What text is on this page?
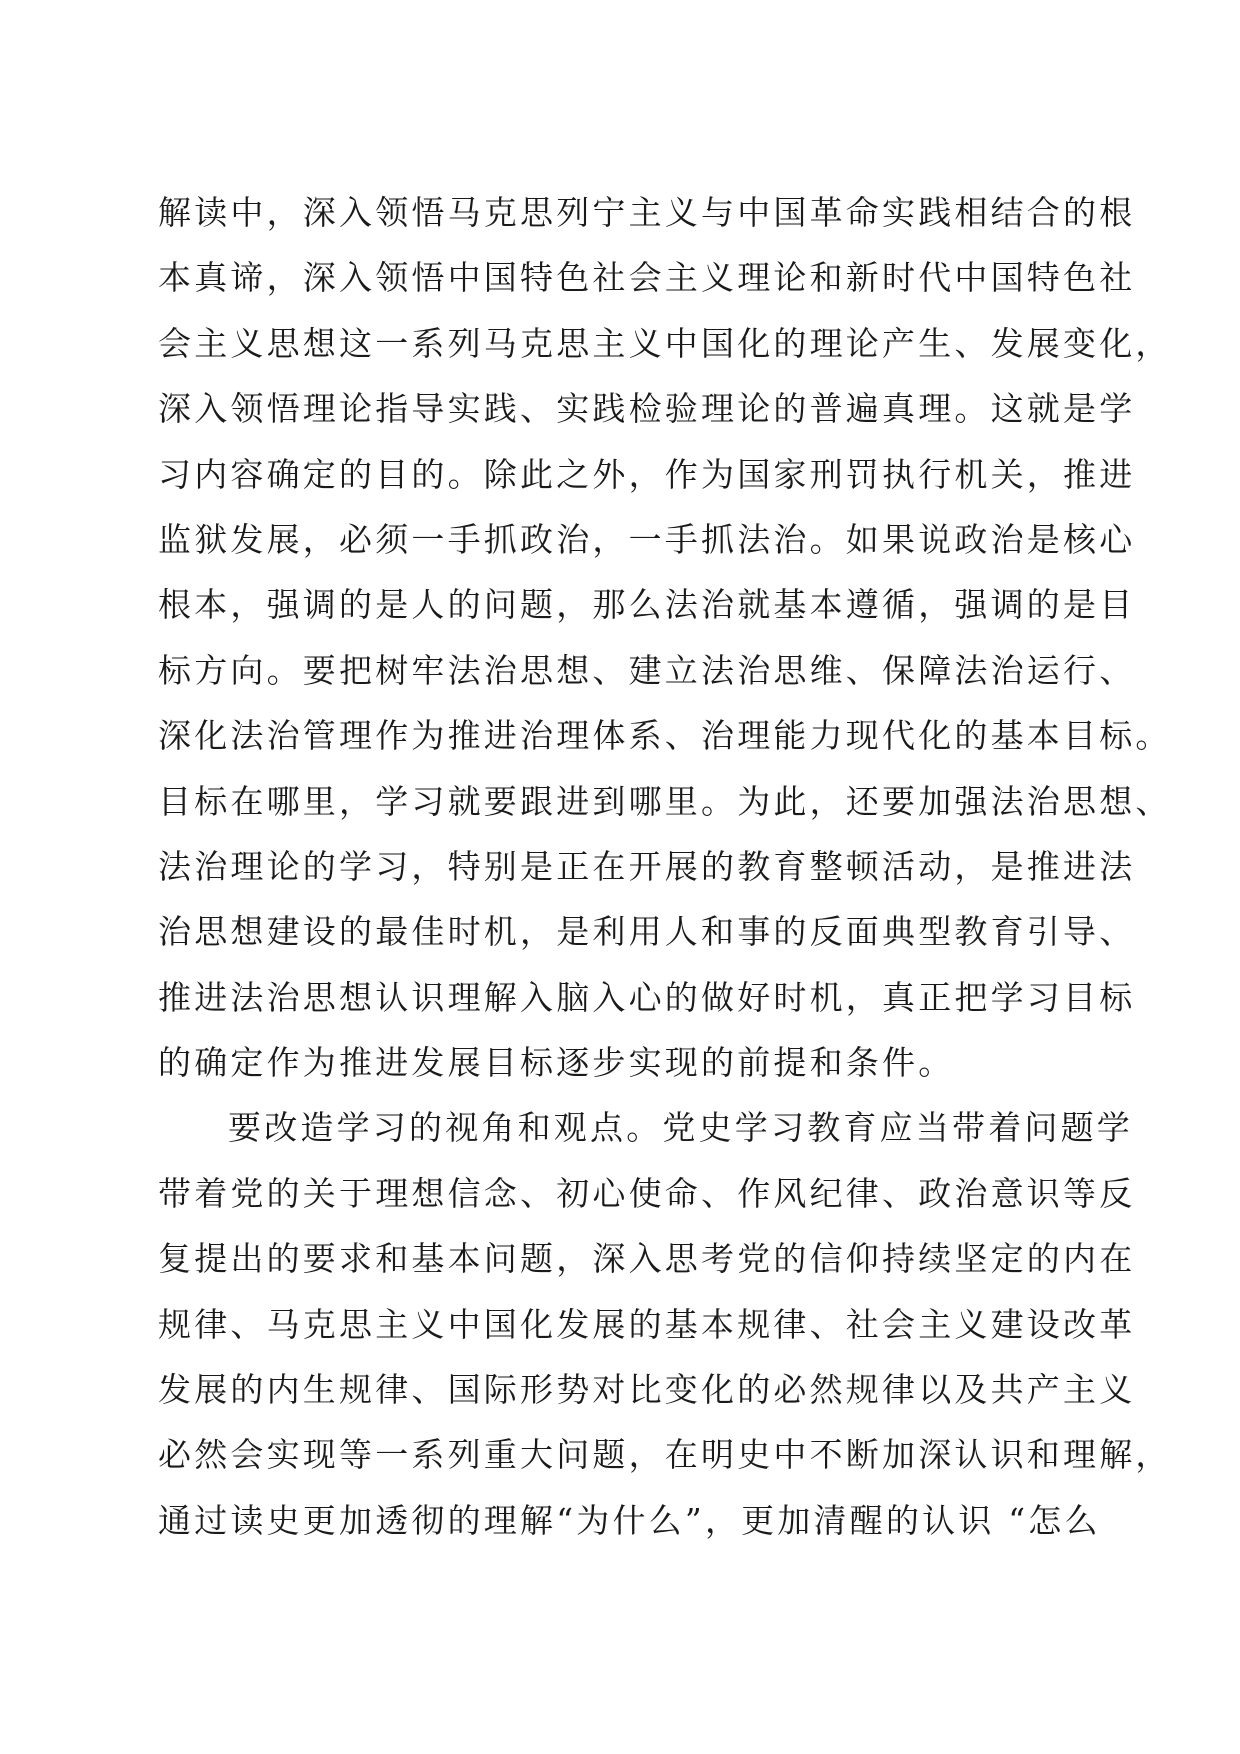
解读中，深入领悟马克思列宁主义与中国革命实践相结合的根
本真谛，深入领悟中国特色社会主义理论和新时代中国特色社
会主义思想这一系列马克思主义中国化的理论产生、发展变化，
深入领悟理论指导实践、实践检验理论的普遍真理。这就是学
习内容确定的目的。除此之外，作为国家刑罚执行机关，推进
监狱发展，必须一手抓政治，一手抓法治。如果说政治是核心
根本，强调的是人的问题，那么法治就基本遵循，强调的是目
标方向。要把树牢法治思想、建立法治思维、保障法治运行、
深化法治管理作为推进治理体系、治理能力现代化的基本目标。
目标在哪里，学习就要跟进到哪里。为此，还要加强法治思想、
法治理论的学习，特别是正在开展的教育整顿活动，是推进法
治思想建设的最佳时机，是利用人和事的反面典型教育引导、
推进法治思想认识理解入脑入心的做好时机，真正把学习目标
的确定作为推进发展目标逐步实现的前提和条件。
要改造学习的视角和观点。党史学习教育应当带着问题学
带着党的关于理想信念、初心使命、作风纪律、政治意识等反
复提出的要求和基本问题，深入思考党的信仰持续坚定的内在
规律、马克思主义中国化发展的基本规律、社会主义建设改革
发展的内生规律、国际形势对比变化的必然规律以及共产主义
必然会实现等一系列重大问题，在明史中不断加深认识和理解，
通过读史更加透彻的理解“为什么”，更加清醒的认识 “怎么
